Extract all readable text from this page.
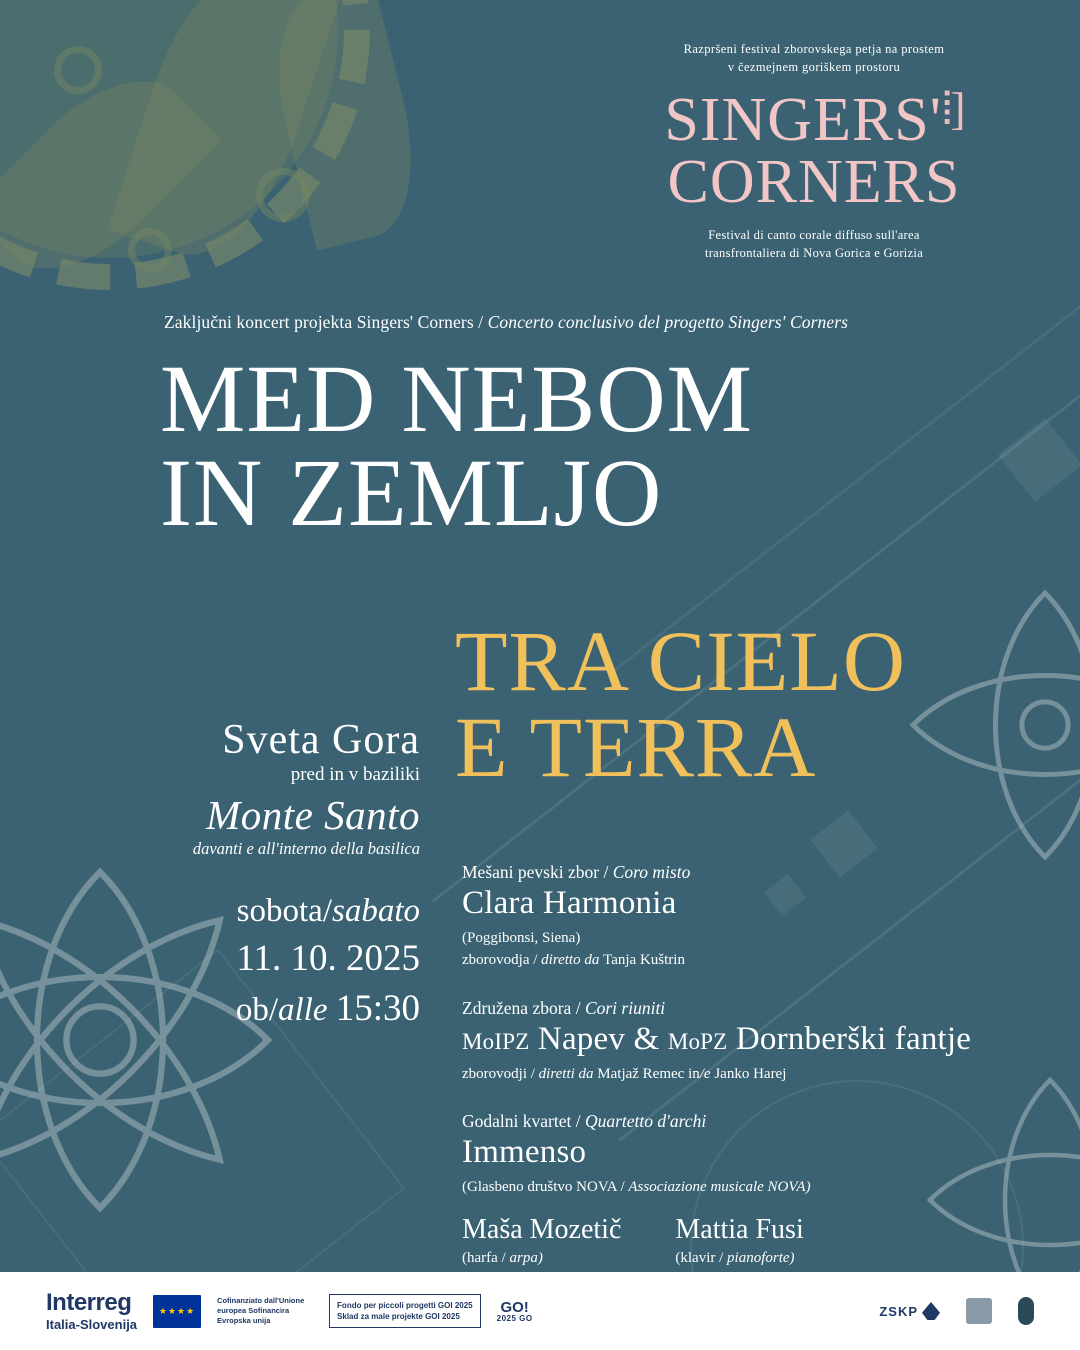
Razpršeni festival zborovskega petja na prostem
v čezmejnem goriškem prostoru
SINGERS'⦙]
CORNERS
Festival di canto corale diffuso sull'area
transfrontaliera di Nova Gorica e Gorizia
Zaključni koncert projekta Singers' Corners / Concerto conclusivo del progetto Singers' Corners
MED NEBOM
IN ZEMLJO
TRA CIELO
E TERRA
Sveta Gora
pred in v baziliki
Monte Santo
davanti e all'interno della basilica
sobota/sabato
11. 10. 2025
ob/alle 15:30
Mešani pevski zbor / Coro misto
Clara Harmonia
(Poggibonsi, Siena)
zborovodja / diretto da Tanja Kuštrin
Združena zbora / Cori riuniti
MoIPZ Napev & MoPZ Dornberški fantje
zborovodji / diretti da Matjaž Remec in/e Janko Harej
Godalni kvartet / Quartetto d'archi
Immenso
(Glasbeno društvo NOVA / Associazione musicale NOVA)
Maša Mozetič
(harfa / arpa)
Mattia Fusi
(klavir / pianoforte)
Interreg
Italia-Slovenija
★★★★
Cofinanziato dall'Unione europea Sofinancira Evropska unija
Fondo per piccoli progetti GOI 2025
Sklad za male projekte GOI 2025
GO!
2025 GO	ZSKP
